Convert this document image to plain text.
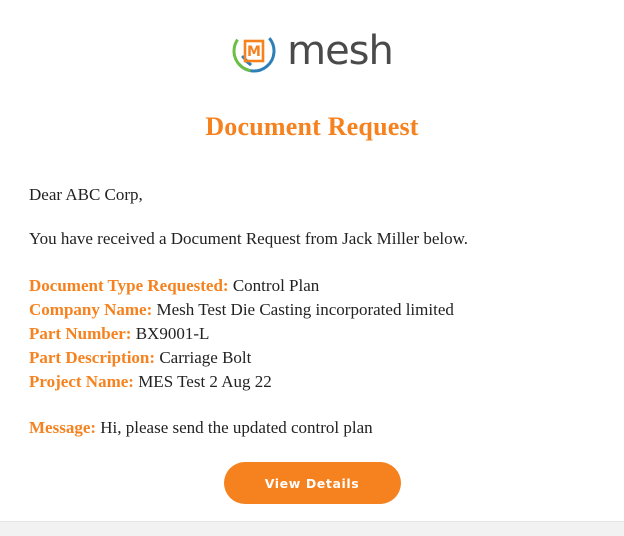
M mesh
Document Request
Dear ABC Corp,
You have received a Document Request from Jack Miller below.
Document Type Requested: Control Plan
Company Name: Mesh Test Die Casting incorporated limited
Part Number: BX9001-L
Part Description: Carriage Bolt
Project Name: MES Test 2 Aug 22
Message: Hi, please send the updated control plan
View Details
